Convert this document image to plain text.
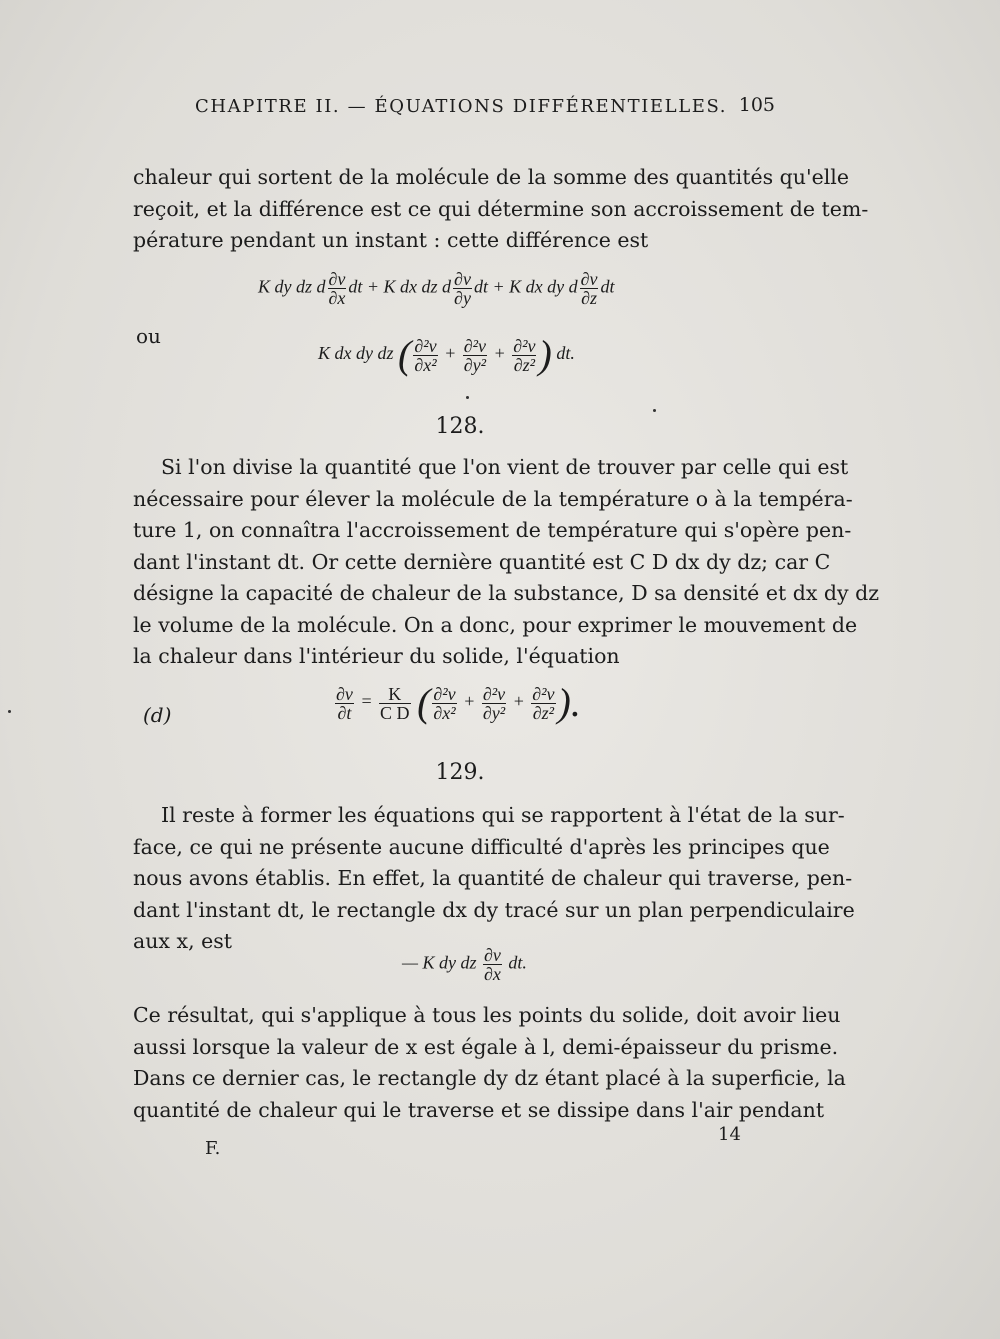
CHAPITRE II. — ÉQUATIONS DIFFÉRENTIELLES. 105
chaleur qui sortent de la molécule de la somme des quantités qu'elle
reçoit, et la différence est ce qui détermine son accroissement de tem-
pérature pendant un instant : cette différence est
K dy dz d $\frac{\partial v}{\partial x}$ dt + K dx dz d $\frac{\partial v}{\partial y}$ dt + K dx dy d $\frac{\partial v}{\partial z}$ dt
ou
K dx dy dz ( $\frac{\text{∂²v}}{\text{∂x²}} + \frac{\text{∂²v}}{\text{∂y²}} + \frac{\text{∂²v}}{\text{∂z²}}$ ) dt.
128.
Si l'on divise la quantité que l'on vient de trouver par celle qui est
nécessaire pour élever la molécule de la température o à la tempéra-
ture 1, on connaîtra l'accroissement de température qui s'opère pen-
dant l'instant dt. Or cette dernière quantité est C D dx dy dz; car C
désigne la capacité de chaleur de la substance, D sa densité et dx dy dz
le volume de la molécule. On a donc, pour exprimer le mouvement de
la chaleur dans l'intérieur du solide, l'équation
(d)	$\frac{\partial v}{\partial t} = \frac{K}{\text{C D}}$ ( $\frac{\text{∂²v}}{\text{∂x²}} + \frac{\text{∂²v}}{\text{∂y²}} + \frac{\text{∂²v}}{\text{∂z²}}$ ).
129.
Il reste à former les équations qui se rapportent à l'état de la sur-
face, ce qui ne présente aucune difficulté d'après les principes que
nous avons établis. En effet, la quantité de chaleur qui traverse, pen-
dant l'instant dt, le rectangle dx dy tracé sur un plan perpendiculaire
aux x, est
— K dy dz $\frac{\partial v}{\partial x}$ dt.
Ce résultat, qui s'applique à tous les points du solide, doit avoir lieu
aussi lorsque la valeur de x est égale à l, demi-épaisseur du prisme.
Dans ce dernier cas, le rectangle dy dz étant placé à la superficie, la
quantité de chaleur qui le traverse et se dissipe dans l'air pendant
F.
14
